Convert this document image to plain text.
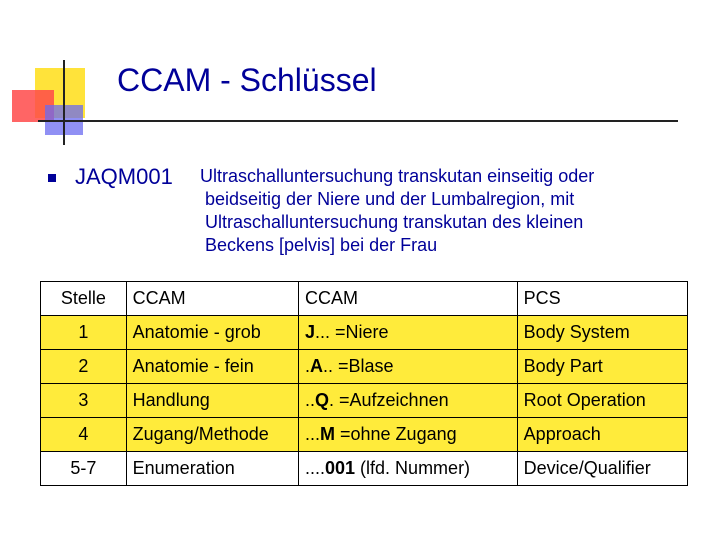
CCAM - Schlüssel
JAQM001 Ultraschalluntersuchung transkutan einseitig oder
beidseitig der Niere und der Lumbalregion, mit
Ultraschalluntersuchung transkutan des kleinen
Beckens [pelvis] bei der Frau
Stelle	CCAM	CCAM	PCS
1	Anatomie - grob	J... =Niere	Body System
2	Anatomie - fein	.A.. =Blase	Body Part
3	Handlung	..Q. =Aufzeichnen	Root Operation
4	Zugang/Methode	...M =ohne Zugang	Approach
5-7	Enumeration	....001 (lfd. Nummer)	Device/Qualifier
